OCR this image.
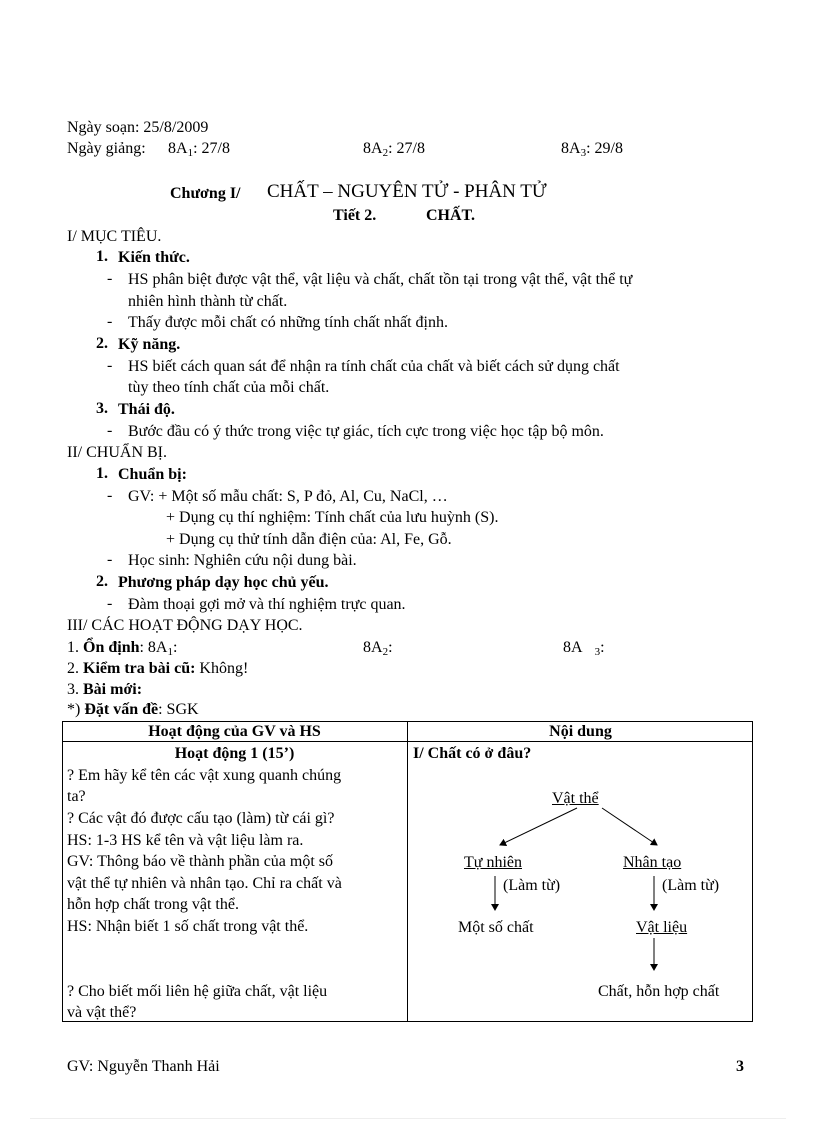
Ngày soạn: 25/8/2009
Ngày giảng: $8A_1$: 27/8	$8A_2$: 27/8	$8A_3$: 29/8
Chương I/ CHẤT – NGUYÊN TỬ - PHÂN TỬ
Tiết 2.	CHẤT.
I/ MỤC TIÊU.
1. Kiến thức.
- HS phân biệt được vật thể, vật liệu và chất, chất tồn tại trong vật thể, vật thể tự
nhiên hình thành từ chất.
- Thấy được mỗi chất có những tính chất nhất định.
2. Kỹ năng.
- HS biết cách quan sát để nhận ra tính chất của chất và biết cách sử dụng chất
tùy theo tính chất của mỗi chất.
3. Thái độ.
- Bước đầu có ý thức trong việc tự giác, tích cực trong việc học tập bộ môn.
II/ CHUẨN BỊ.
1. Chuẩn bị:
- GV: + Một số mẫu chất: S, P đỏ, Al, Cu, NaCl, …
+ Dụng cụ thí nghiệm: Tính chất của lưu huỳnh (S).
+ Dụng cụ thử tính dẫn điện của: Al, Fe, Gỗ.
- Học sinh: Nghiên cứu nội dung bài.
2. Phương pháp dạy học chủ yếu.
- Đàm thoại gợi mở và thí nghiệm trực quan.
III/ CÁC HOẠT ĐỘNG DẠY HỌC.
1. Ổn định: $8A_1$:	$8A_2$:	8A $_3$:
2. Kiểm tra bài cũ: Không!
3. Bài mới:
*) Đặt vấn đề: SGK
Hoạt động của GV và HS	Nội dung
Hoạt động 1 (15’)
? Em hãy kể tên các vật xung quanh chúng
ta?
? Các vật đó được cấu tạo (làm) từ cái gì?
HS: 1-3 HS kể tên và vật liệu làm ra.
GV: Thông báo về thành phần của một số
vật thể tự nhiên và nhân tạo. Chỉ ra chất và
hỗn hợp chất trong vật thể.
HS: Nhận biết 1 số chất trong vật thể.
? Cho biết mối liên hệ giữa chất, vật liệu
và vật thể?
I/ Chất có ở đâu?
Vật thể
Tự nhiên	Nhân tạo
(Làm từ)	(Làm từ)
Một số chất	Vật liệu
Chất, hỗn hợp chất
GV: Nguyễn Thanh Hải	3
